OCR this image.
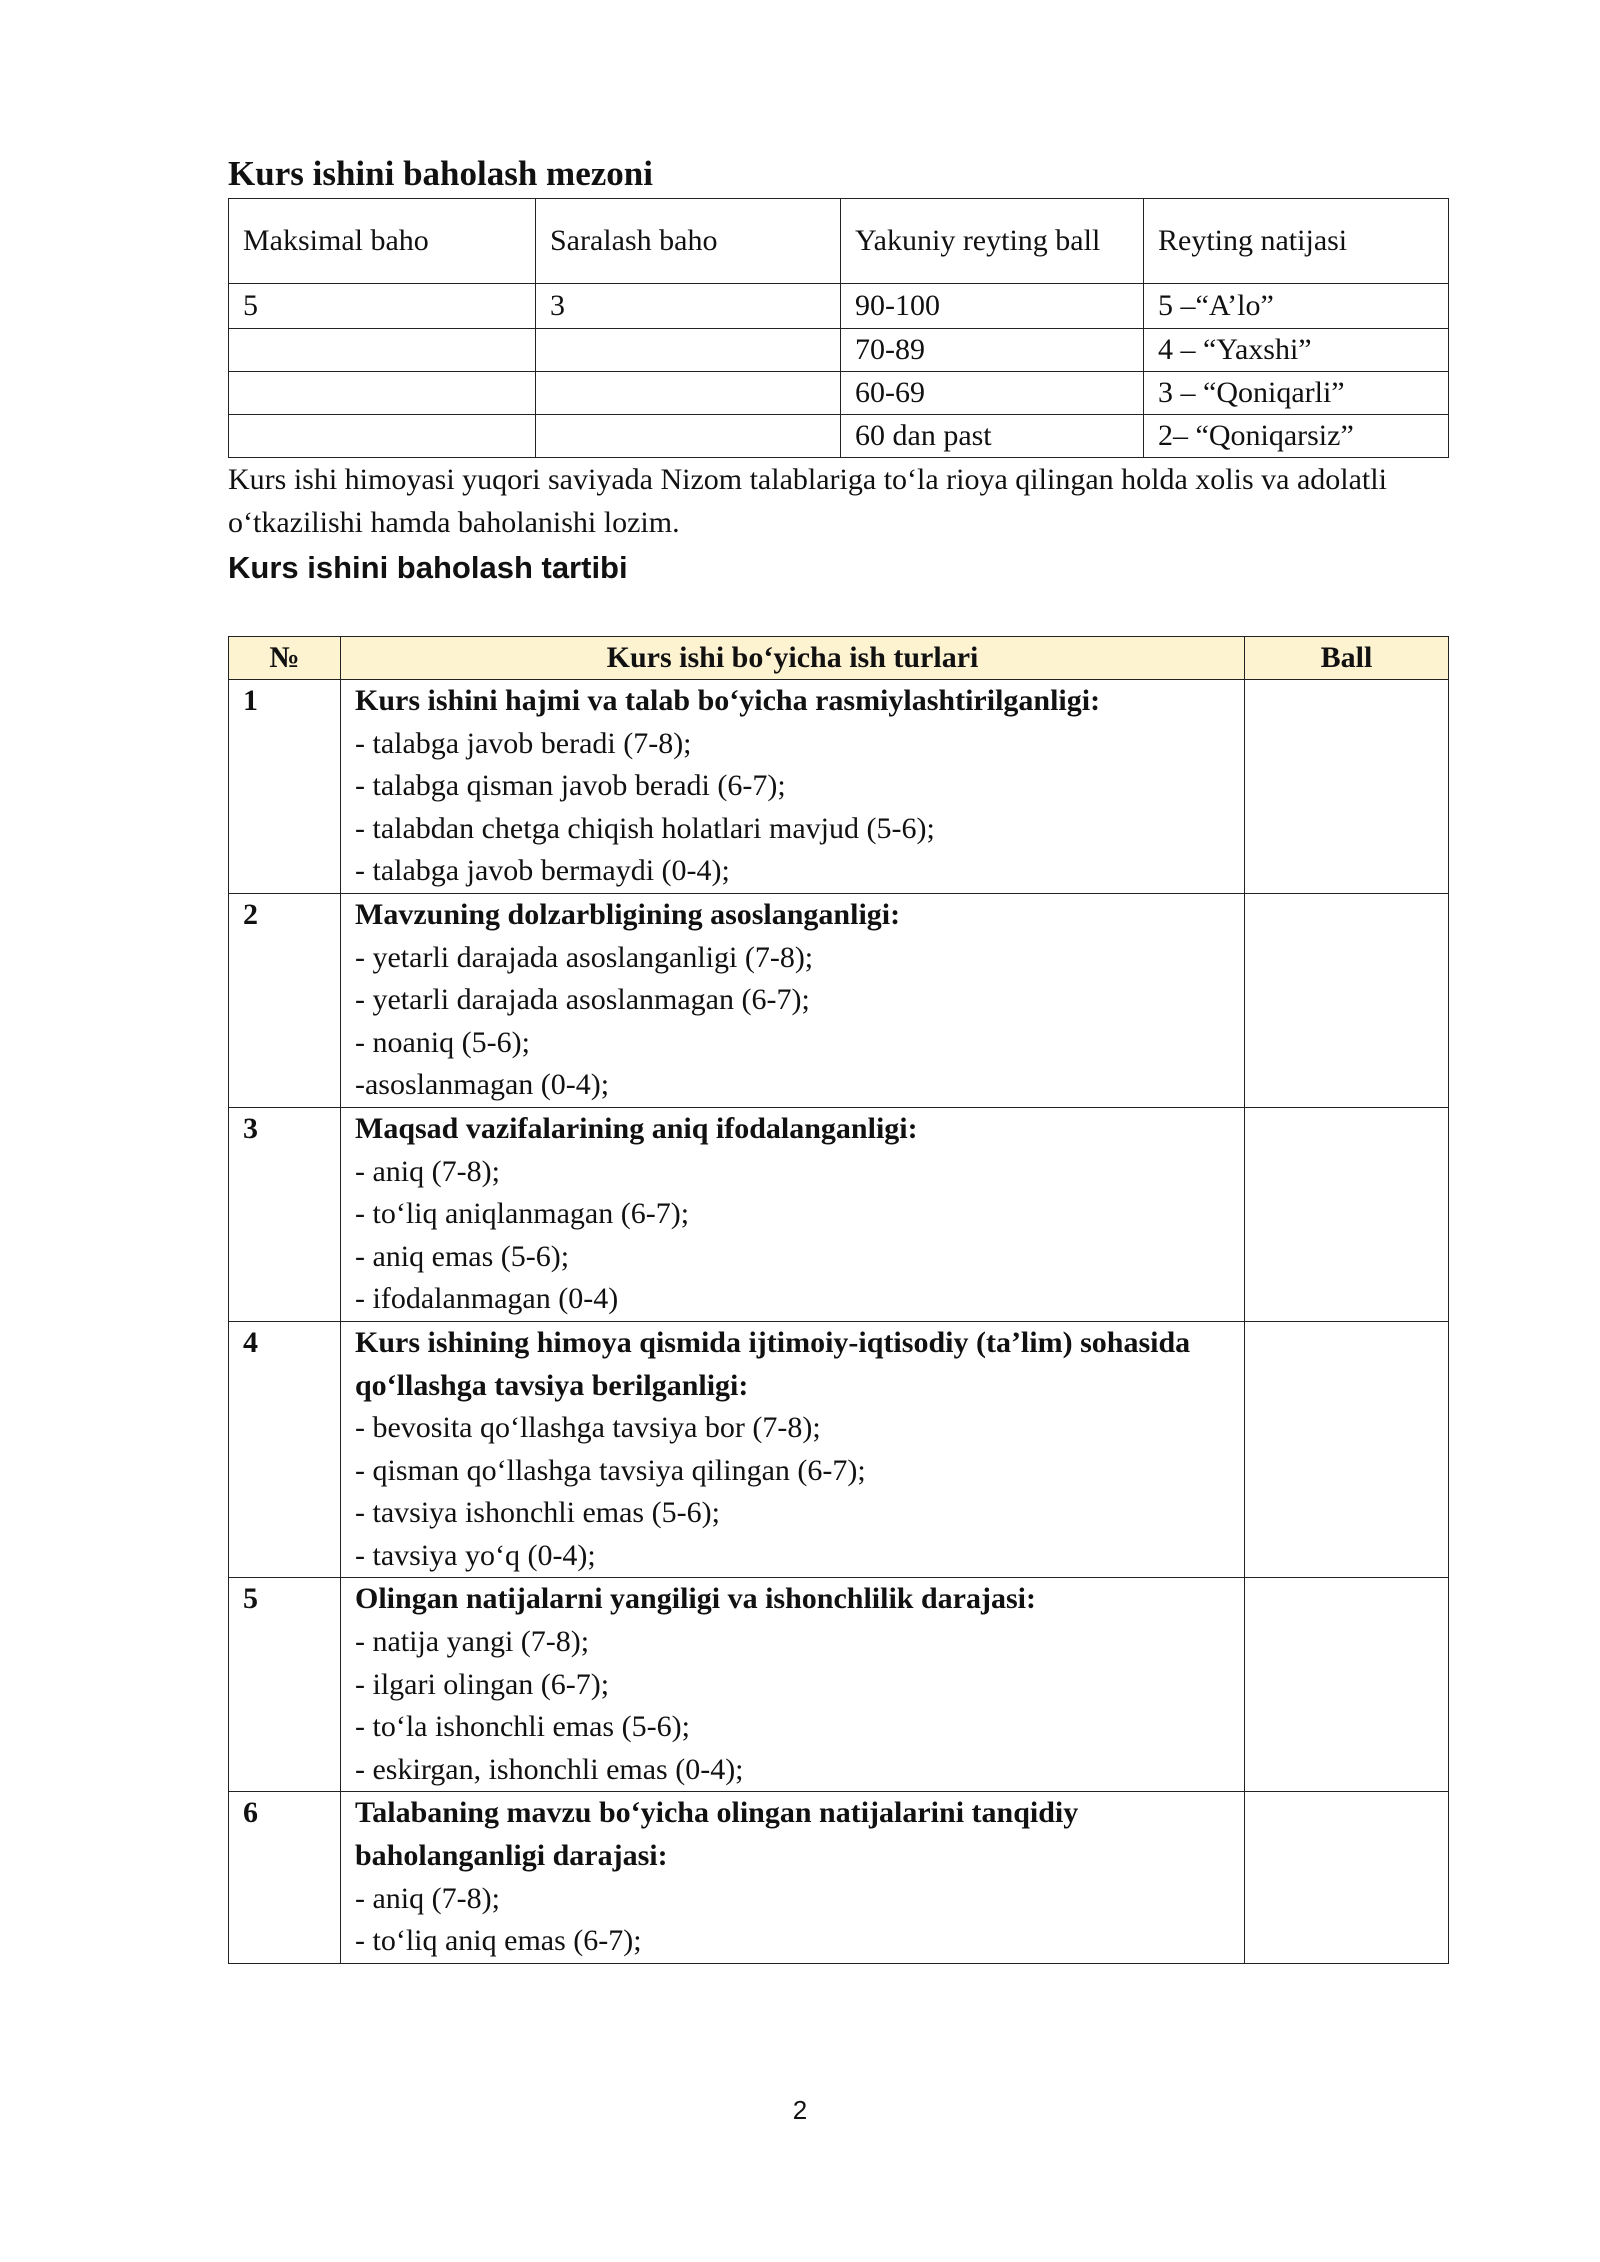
Kurs ishini baholash mezoni
Maksimal baho	Saralash baho	Yakuniy reyting ball	Reyting natijasi
5	3	90-100	5 –“A’lo”
		70-89	4 – “Yaxshi”
		60-69	3 – “Qoniqarli”
		60 dan past	2– “Qoniqarsiz”

Kurs ishi himoyasi yuqori saviyada Nizom talablariga to‘la rioya qilingan holda xolis va adolatli o‘tkazilishi hamda baholanishi lozim.

Kurs ishini baholash tartibi
№	Kurs ishi bo‘yicha ish turlari	Ball
1	Kurs ishini hajmi va talab bo‘yicha rasmiylashtirilganligi:
- talabga javob beradi (7-8);
- talabga qisman javob beradi (6-7);
- talabdan chetga chiqish holatlari mavjud (5-6);
- talabga javob bermaydi (0-4);	

2	Mavzuning dolzarbligining asoslanganligi:
- yetarli darajada asoslanganligi (7-8);
- yetarli darajada asoslanmagan (6-7);
- noaniq (5-6);
-asoslanmagan (0-4);	

3	Maqsad vazifalarining aniq ifodalanganligi:
- aniq (7-8);
- to‘liq aniqlanmagan (6-7);
- aniq emas (5-6);
- ifodalanmagan (0-4)	

4	Kurs ishining himoya qismida ijtimoiy-iqtisodiy (ta’lim) sohasida qo‘llashga tavsiya berilganligi:
- bevosita qo‘llashga tavsiya bor (7-8);
- qisman qo‘llashga tavsiya qilingan (6-7);
- tavsiya ishonchli emas (5-6);
- tavsiya yo‘q (0-4);	

5	Olingan natijalarni yangiligi va ishonchlilik darajasi:
- natija yangi (7-8);
- ilgari olingan (6-7);
- to‘la ishonchli emas (5-6);
- eskirgan, ishonchli emas (0-4);	

6	Talabaning mavzu bo‘yicha olingan natijalarini tanqidiy baholanganligi darajasi:
- aniq (7-8);
- to‘liq aniq emas (6-7);	

2
